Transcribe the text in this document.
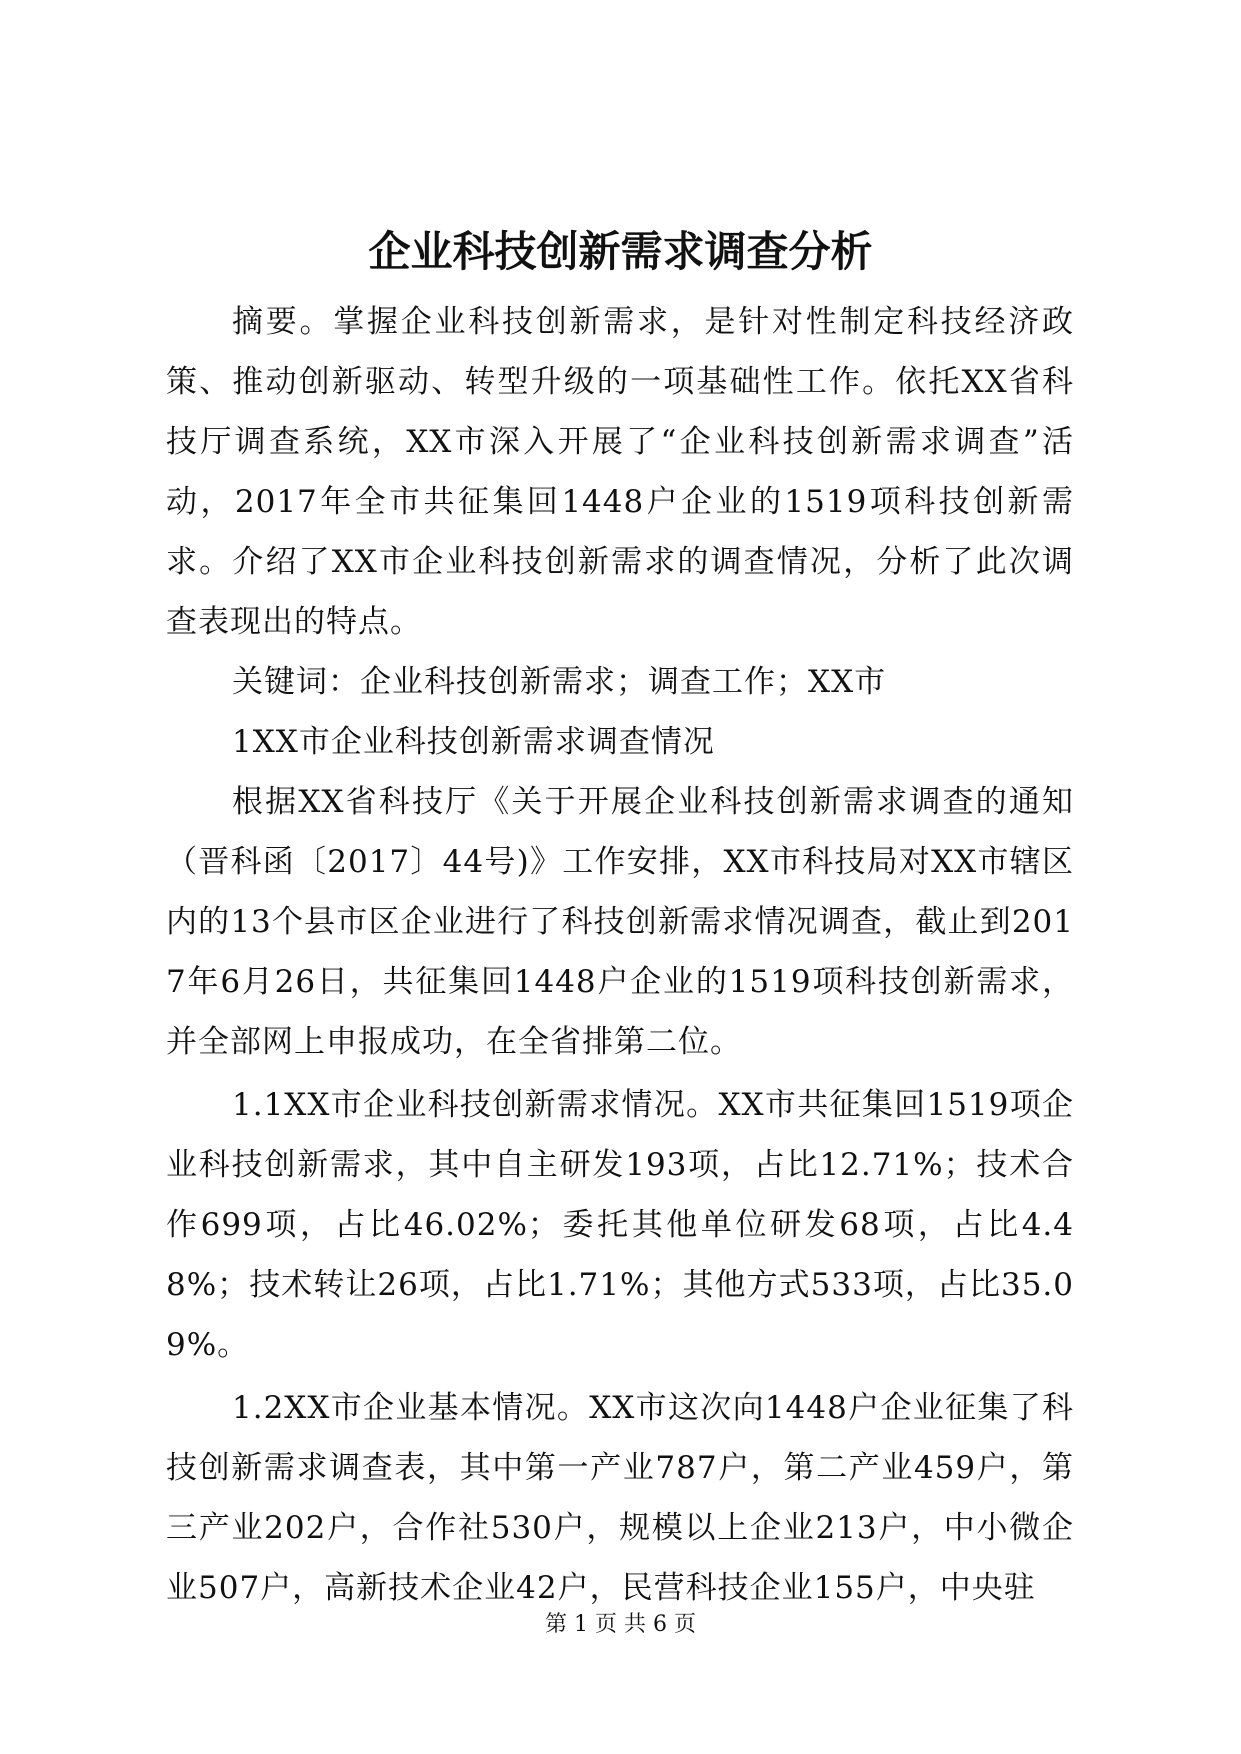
企业科技创新需求调查分析

摘要。掌握企业科技创新需求，是针对性制定科技经济政策、推动创新驱动、转型升级的一项基础性工作。依托XX省科技厅调查系统，XX市深入开展了“企业科技创新需求调查”活动，2017年全市共征集回1448户企业的1519项科技创新需求。介绍了XX市企业科技创新需求的调查情况，分析了此次调查表现出的特点。

关键词：企业科技创新需求；调查工作；XX市

1XX市企业科技创新需求调查情况

根据XX省科技厅《关于开展企业科技创新需求调查的通知（晋科函〔2017〕44号)》工作安排，XX市科技局对XX市辖区内的13个县市区企业进行了科技创新需求情况调查，截止到2017年6月26日，共征集回1448户企业的1519项科技创新需求，并全部网上申报成功，在全省排第二位。

1.1XX市企业科技创新需求情况。XX市共征集回1519项企业科技创新需求，其中自主研发193项，占比12.71%；技术合作699项，占比46.02%；委托其他单位研发68项，占比4.48%；技术转让26项，占比1.71%；其他方式533项，占比35.09%。

1.2XX市企业基本情况。XX市这次向1448户企业征集了科技创新需求调查表，其中第一产业787户，第二产业459户，第三产业202户，合作社530户，规模以上企业213户，中小微企业507户，高新技术企业42户，民营科技企业155户，中央驻

第 1 页 共 6 页
